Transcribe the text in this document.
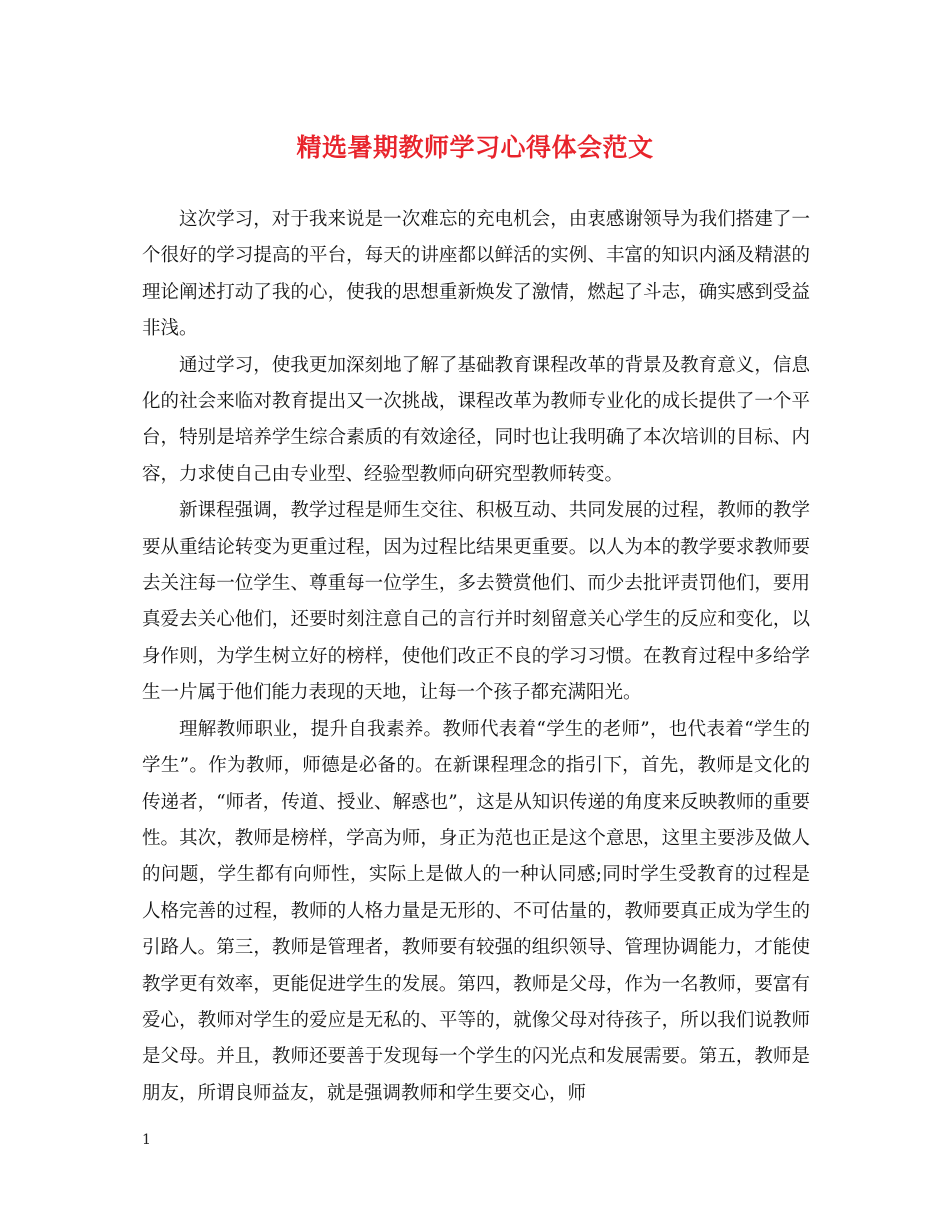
精选暑期教师学习心得体会范文

这次学习，对于我来说是一次难忘的充电机会，由衷感谢领导为我们搭建了一个很好的学习提高的平台，每天的讲座都以鲜活的实例、丰富的知识内涵及精湛的理论阐述打动了我的心，使我的思想重新焕发了激情，燃起了斗志，确实感到受益非浅。

通过学习，使我更加深刻地了解了基础教育课程改革的背景及教育意义，信息化的社会来临对教育提出又一次挑战，课程改革为教师专业化的成长提供了一个平台，特别是培养学生综合素质的有效途径，同时也让我明确了本次培训的目标、内容，力求使自己由专业型、经验型教师向研究型教师转变。

新课程强调，教学过程是师生交往、积极互动、共同发展的过程，教师的教学要从重结论转变为更重过程，因为过程比结果更重要。以人为本的教学要求教师要去关注每一位学生、尊重每一位学生，多去赞赏他们、而少去批评责罚他们，要用真爱去关心他们，还要时刻注意自己的言行并时刻留意关心学生的反应和变化，以身作则，为学生树立好的榜样，使他们改正不良的学习习惯。在教育过程中多给学生一片属于他们能力表现的天地，让每一个孩子都充满阳光。

理解教师职业，提升自我素养。教师代表着“学生的老师”，也代表着“学生的学生”。作为教师，师德是必备的。在新课程理念的指引下，首先，教师是文化的传递者，“师者，传道、授业、解惑也”，这是从知识传递的角度来反映教师的重要性。其次，教师是榜样，学高为师，身正为范也正是这个意思，这里主要涉及做人的问题，学生都有向师性，实际上是做人的一种认同感;同时学生受教育的过程是人格完善的过程，教师的人格力量是无形的、不可估量的，教师要真正成为学生的引路人。第三，教师是管理者，教师要有较强的组织领导、管理协调能力，才能使教学更有效率，更能促进学生的发展。第四，教师是父母，作为一名教师，要富有爱心，教师对学生的爱应是无私的、平等的，就像父母对待孩子，所以我们说教师是父母。并且，教师还要善于发现每一个学生的闪光点和发展需要。第五，教师是朋友，所谓良师益友，就是强调教师和学生要交心，师

1
